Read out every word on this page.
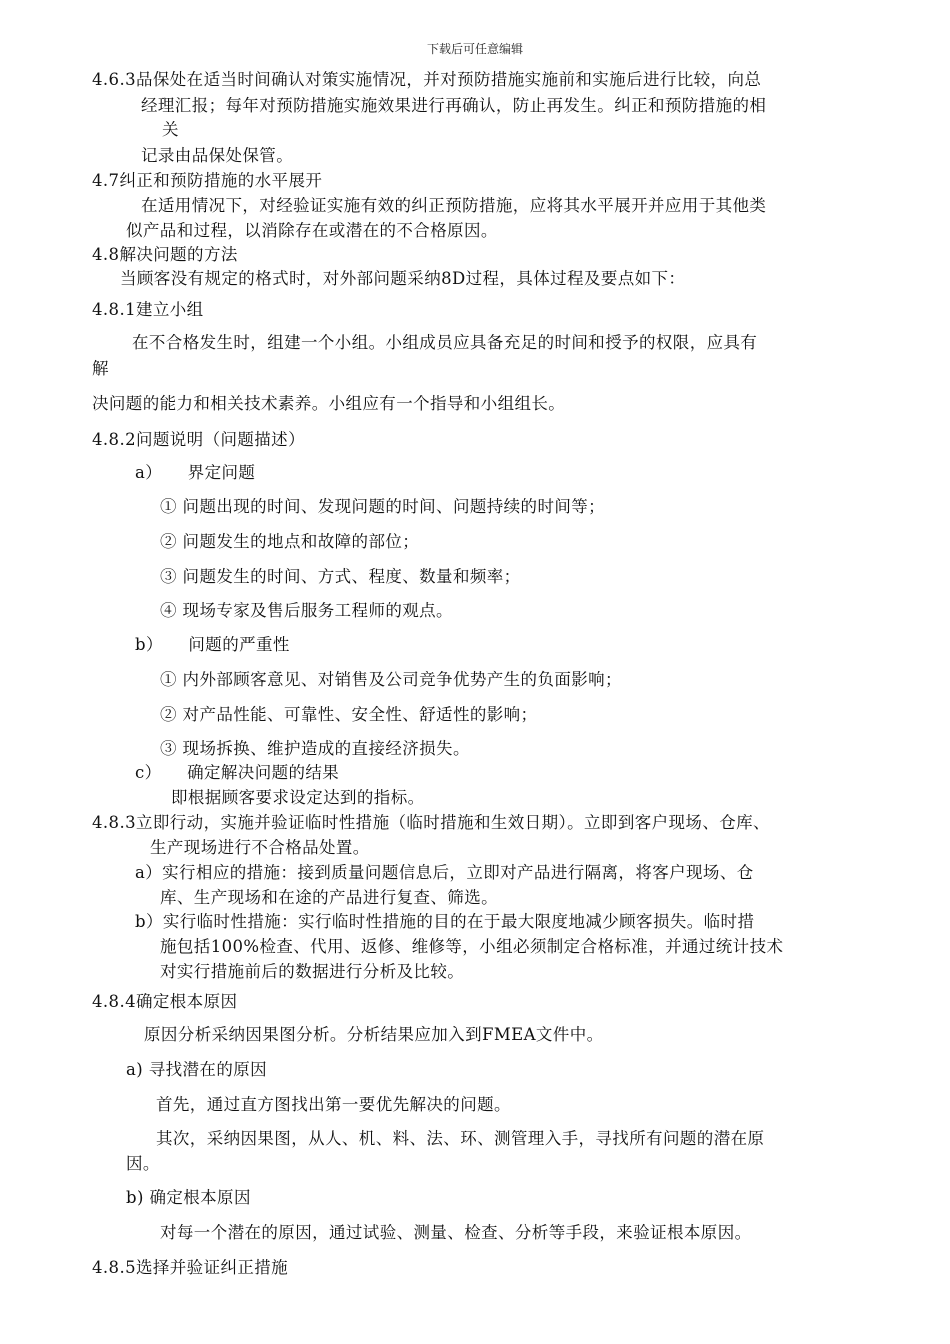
下载后可任意编辑
4.6.3品保处在适当时间确认对策实施情况，并对预防措施实施前和实施后进行比较，向总
经理汇报；每年对预防措施实施效果进行再确认，防止再发生。纠正和预防措施的相
关
记录由品保处保管。
4.7纠正和预防措施的水平展开
在适用情况下，对经验证实施有效的纠正预防措施，应将其水平展开并应用于其他类
似产品和过程，以消除存在或潜在的不合格原因。
4.8解决问题的方法
当顾客没有规定的格式时，对外部问题采纳8D过程，具体过程及要点如下：
4.8.1建立小组
在不合格发生时，组建一个小组。小组成员应具备充足的时间和授予的权限，应具有
解
决问题的能力和相关技术素养。小组应有一个指导和小组组长。
4.8.2问题说明（问题描述）
a）　　界定问题
① 问题出现的时间、发现问题的时间、问题持续的时间等；
② 问题发生的地点和故障的部位；
③ 问题发生的时间、方式、程度、数量和频率；
④ 现场专家及售后服务工程师的观点。
b）　　问题的严重性
① 内外部顾客意见、对销售及公司竞争优势产生的负面影响；
② 对产品性能、可靠性、安全性、舒适性的影响；
③ 现场拆换、维护造成的直接经济损失。
c）　　确定解决问题的结果
即根据顾客要求设定达到的指标。
4.8.3立即行动，实施并验证临时性措施（临时措施和生效日期）。立即到客户现场、仓库、
生产现场进行不合格品处置。
a）实行相应的措施：接到质量问题信息后，立即对产品进行隔离，将客户现场、仓
库、生产现场和在途的产品进行复查、筛选。
b）实行临时性措施：实行临时性措施的目的在于最大限度地减少顾客损失。临时措
施包括100%检查、代用、返修、维修等，小组必须制定合格标准，并通过统计技术
对实行措施前后的数据进行分析及比较。
4.8.4确定根本原因
原因分析采纳因果图分析。分析结果应加入到FMEA文件中。
a) 寻找潜在的原因
首先，通过直方图找出第一要优先解决的问题。
其次，采纳因果图，从人、机、料、法、环、测管理入手，寻找所有问题的潜在原
因。
b) 确定根本原因
对每一个潜在的原因，通过试验、测量、检查、分析等手段，来验证根本原因。
4.8.5选择并验证纠正措施
